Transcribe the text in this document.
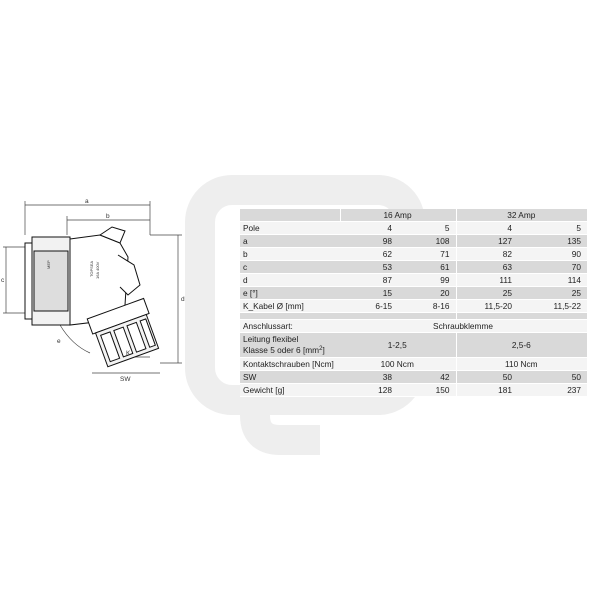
a
b
c
d
e
K
SW
TOPSEA 16A 400V
MEP
	16 Amp		32 Amp	
Pole	4	5	4	5
a	98	108	127	135
b	62	71	82	90
c	53	61	63	70
d	87	99	111	114
e [°]	15	20	25	25
K_Kabel Ø [mm]	6-15	8-16	11,5-20	11,5-22

Anschlussart:	Schraubklemme			
Leitung flexibel
Klasse 5 oder 6 $[mm^2]$	1-2,5		2,5-6	
Kontaktschrauben [Ncm]	100 Ncm		110 Ncm	
SW	38	42	50	50
Gewicht [g]	128	150	181	237
